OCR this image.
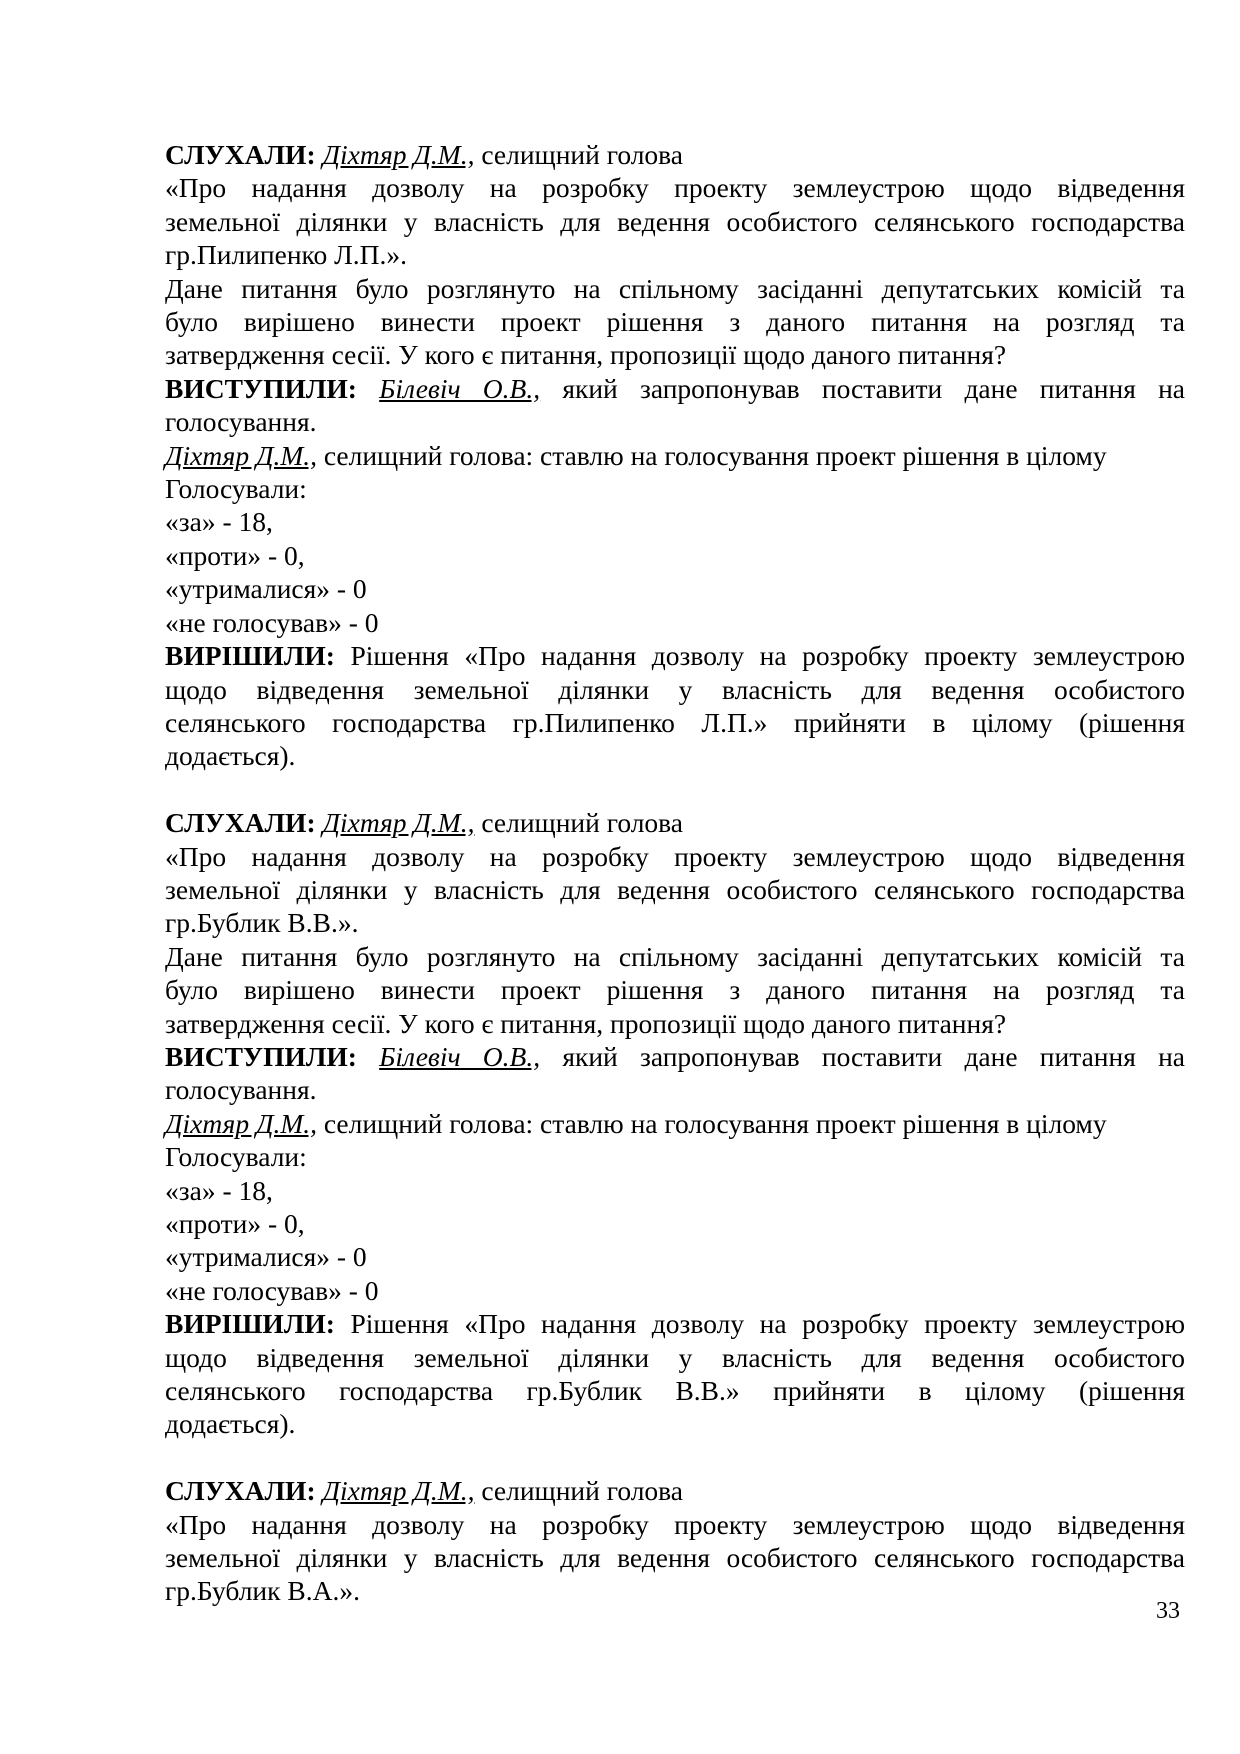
СЛУХАЛИ: Діхтяр Д.М., селищний голова
«Про надання дозволу на розробку проекту землеустрою щодо відведення
земельної ділянки у власність для ведення особистого селянського господарства
гр.Пилипенко Л.П.».
Дане питання було розглянуто на спільному засіданні депутатських комісій та
було вирішено винести проект рішення з даного питання на розгляд та
затвердження сесії. У кого є питання, пропозиції щодо даного питання?
ВИСТУПИЛИ: Білевіч О.В., який запропонував поставити дане питання на
голосування.
Діхтяр Д.М., селищний голова: ставлю на голосування проект рішення в цілому
Голосували:
«за» - 18,
«проти» - 0,
«утрималися» - 0
«не голосував» - 0
ВИРІШИЛИ: Рішення «Про надання дозволу на розробку проекту землеустрою
щодо відведення земельної ділянки у власність для ведення особистого
селянського господарства гр.Пилипенко Л.П.» прийняти в цілому (рішення
додається).
СЛУХАЛИ: Діхтяр Д.М., селищний голова
«Про надання дозволу на розробку проекту землеустрою щодо відведення
земельної ділянки у власність для ведення особистого селянського господарства
гр.Бублик В.В.».
Дане питання було розглянуто на спільному засіданні депутатських комісій та
було вирішено винести проект рішення з даного питання на розгляд та
затвердження сесії. У кого є питання, пропозиції щодо даного питання?
ВИСТУПИЛИ: Білевіч О.В., який запропонував поставити дане питання на
голосування.
Діхтяр Д.М., селищний голова: ставлю на голосування проект рішення в цілому
Голосували:
«за» - 18,
«проти» - 0,
«утрималися» - 0
«не голосував» - 0
ВИРІШИЛИ: Рішення «Про надання дозволу на розробку проекту землеустрою
щодо відведення земельної ділянки у власність для ведення особистого
селянського господарства гр.Бублик В.В.» прийняти в цілому (рішення
додається).
СЛУХАЛИ: Діхтяр Д.М., селищний голова
«Про надання дозволу на розробку проекту землеустрою щодо відведення
земельної ділянки у власність для ведення особистого селянського господарства
гр.Бублик В.А.».
33
